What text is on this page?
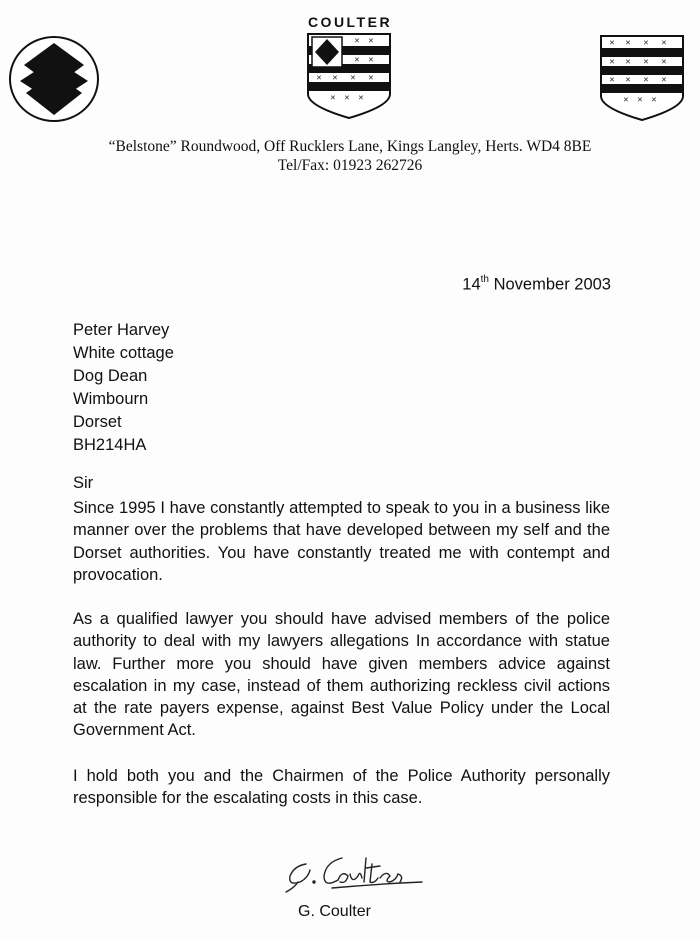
COULTER
✕ ✕
✕ ✕
✕ ✕ ✕ ✕
✕ ✕ ✕
✕ ✕ ✕ ✕
✕ ✕ ✕ ✕
✕ ✕ ✕ ✕
✕ ✕ ✕
“Belstone” Roundwood, Off Rucklers Lane, Kings Langley, Herts. WD4 8BE
Tel/Fax: 01923 262726
14th November 2003
Peter Harvey
White cottage
Dog Dean
Wimbourn
Dorset
BH214HA
Sir

Since 1995 I have constantly attempted to speak to you in a business like manner over the problems that have developed between my self and the Dorset authorities. You have constantly treated me with contempt and provocation.

As a qualified lawyer you should have advised members of the police authority to deal with my lawyers allegations In accordance with statue law. Further more you should have given members advice against escalation in my case, instead of them authorizing reckless civil actions at the rate payers expense, against Best Value Policy under the Local Government Act.

I hold both you and the Chairmen of the Police Authority personally responsible for the escalating costs in this case.

G. Coulter
